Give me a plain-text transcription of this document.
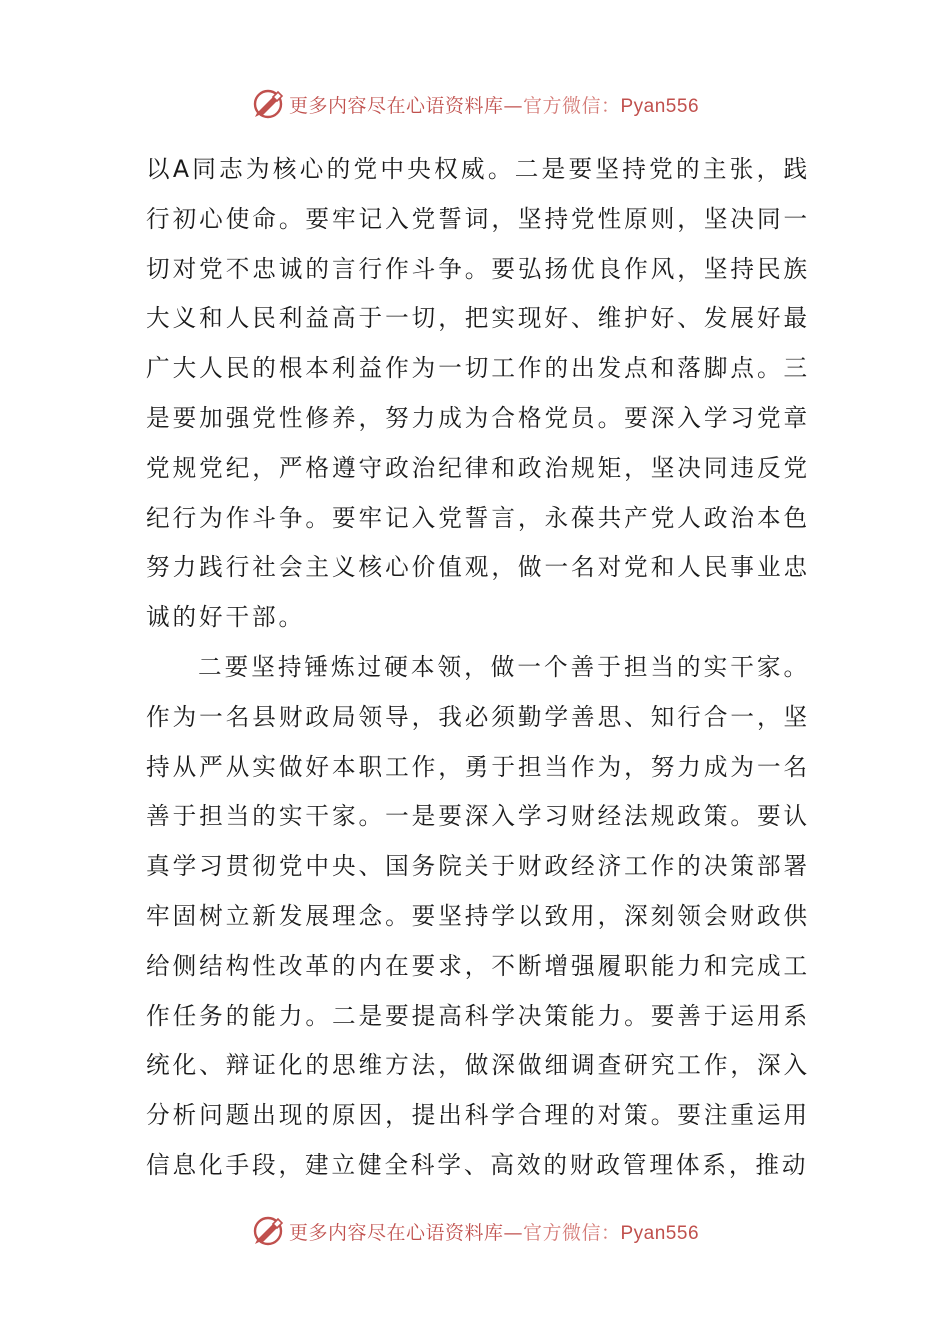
更多内容尽在心语资料库—官方微信：Pyan556

以A同志为核心的党中央权威。二是要坚持党的主张，践行初心使命。要牢记入党誓词，坚持党性原则，坚决同一切对党不忠诚的言行作斗争。要弘扬优良作风，坚持民族大义和人民利益高于一切，把实现好、维护好、发展好最广大人民的根本利益作为一切工作的出发点和落脚点。三是要加强党性修养，努力成为合格党员。要深入学习党章党规党纪，严格遵守政治纪律和政治规矩，坚决同违反党纪行为作斗争。要牢记入党誓言，永葆共产党人政治本色努力践行社会主义核心价值观，做一名对党和人民事业忠诚的好干部。

二要坚持锤炼过硬本领，做一个善于担当的实干家。作为一名县财政局领导，我必须勤学善思、知行合一，坚持从严从实做好本职工作，勇于担当作为，努力成为一名善于担当的实干家。一是要深入学习财经法规政策。要认真学习贯彻党中央、国务院关于财政经济工作的决策部署牢固树立新发展理念。要坚持学以致用，深刻领会财政供给侧结构性改革的内在要求，不断增强履职能力和完成工作任务的能力。二是要提高科学决策能力。要善于运用系统化、辩证化的思维方法，做深做细调查研究工作，深入分析问题出现的原因，提出科学合理的对策。要注重运用信息化手段，建立健全科学、高效的财政管理体系，推动

更多内容尽在心语资料库—官方微信：Pyan556
